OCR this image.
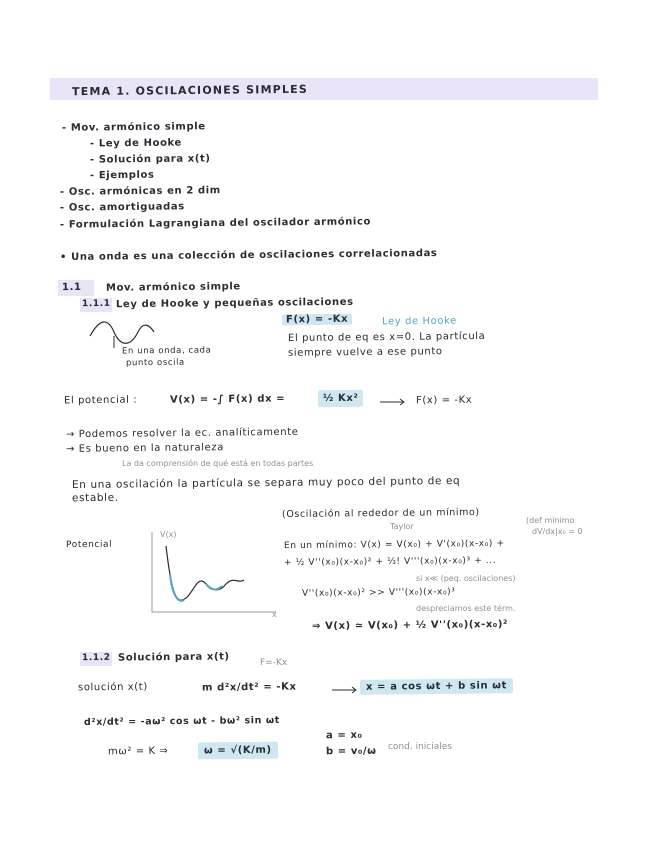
TEMA 1. OSCILACIONES SIMPLES
- Mov. armónico simple
- Ley de Hooke
- Solución para x(t)
- Ejemplos
- Osc. armónicas en 2 dim
- Osc. amortiguadas
- Formulación Lagrangiana del oscilador armónico
• Una onda es una colección de oscilaciones correlacionadas
1.1 Mov. armónico simple
1.1.1 Ley de Hooke y pequeñas oscilaciones
F(x) = -Kx	Ley de Hooke
El punto de eq es x=0. La partícula
siempre vuelve a ese punto
En una onda, cada
punto oscila
El potencial :	V(x) = -∫ F(x) dx =	½ Kx²	F(x) = -Kx
→ Podemos resolver la ec. analíticamente
→ Es bueno en la naturaleza
La da comprensión de qué está en todas partes
En una oscilación la partícula se separa muy poco del punto de eq
estable.
Potencial
V(x)
x
(Oscilación al rededor de un mínimo)
Taylor
(def mínimo
dV/dx|x₀ = 0
En un mínimo: V(x) = V(x₀) + V'(x₀)(x-x₀) +
+ ½ V''(x₀)(x-x₀)² + ⅓! V'''(x₀)(x-x₀)³ + ...
si x≪ (peq. oscilaciones)
V''(x₀)(x-x₀)² >> V'''(x₀)(x-x₀)³
despreciamos este térm.
⇒ V(x) ≃ V(x₀) + ½ V''(x₀)(x-x₀)²
1.1.2 Solución para x(t)	F=-Kx
solución x(t)	m d²x/dt² = -Kx	x = a cos ωt + b sin ωt
d²x/dt² = -aω² cos ωt - bω² sin ωt
mω² = K ⇒	ω = √(K/m)
a = x₀
b = v₀/ω cond. iniciales
